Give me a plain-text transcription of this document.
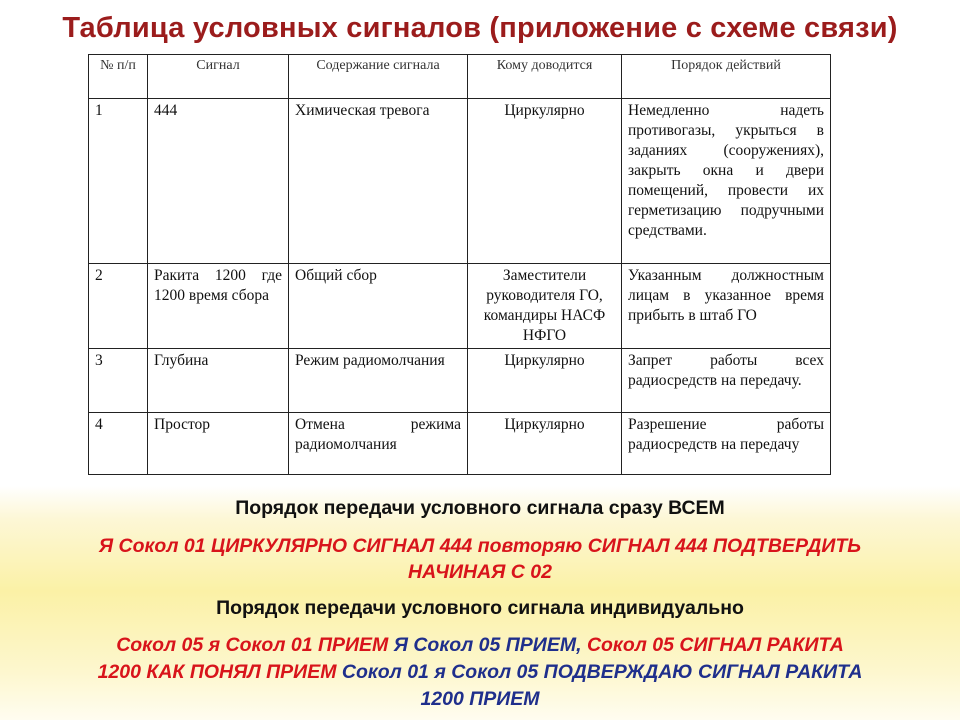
Таблица условных сигналов (приложение с схеме связи)
№ п/п	Сигнал	Содержание сигнала	Кому доводится	Порядок действий
1	444	Химическая тревога	Циркулярно	Немедленно надеть противогазы, укрыться в заданиях (сооружениях), закрыть окна и двери помещений, провести их герметизацию подручными средствами.
2	Ракита 1200 где 1200 время сбора	Общий сбор	Заместители руководителя ГО, командиры НАСФ НФГО	Указанным должностным лицам в указанное время прибыть в штаб ГО
3	Глубина	Режим радиомолчания	Циркулярно	Запрет работы всех радиосредств на передачу.
4	Простор	Отмена режима радиомолчания	Циркулярно	Разрешение работы радиосредств на передачу
Порядок передачи условного сигнала сразу ВСЕМ
Я Сокол 01 ЦИРКУЛЯРНО СИГНАЛ 444 повторяю СИГНАЛ 444 ПОДТВЕРДИТЬ
НАЧИНАЯ С 02
Порядок передачи условного сигнала индивидуально
Сокол 05 я Сокол 01 ПРИЕМ Я Сокол 05 ПРИЕМ, Сокол 05 СИГНАЛ РАКИТА
1200 КАК ПОНЯЛ ПРИЕМ Сокол 01 я Сокол 05 ПОДВЕРЖДАЮ СИГНАЛ РАКИТА
1200 ПРИЕМ
